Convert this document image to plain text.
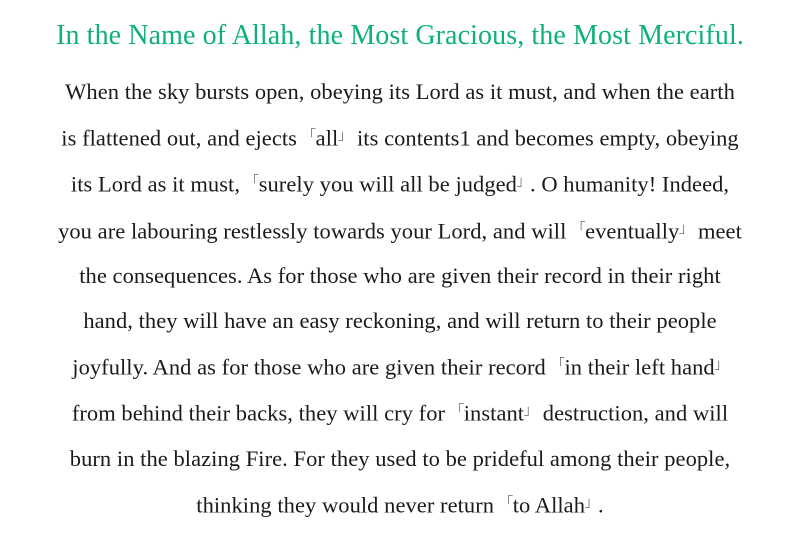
In the Name of Allah, the Most Gracious, the Most Merciful.
When the sky bursts open, obeying its Lord as it must, and when the earth
is flattened out, and ejects 「all」 its contents1 and becomes empty, obeying
its Lord as it must, 「surely you will all be judged」. O humanity! Indeed,
you are labouring restlessly towards your Lord, and will 「eventually」 meet
the consequences. As for those who are given their record in their right
hand, they will have an easy reckoning, and will return to their people
joyfully. And as for those who are given their record 「in their left hand」
from behind their backs, they will cry for 「instant」 destruction, and will
burn in the blazing Fire. For they used to be prideful among their people,
thinking they would never return 「to Allah」.
